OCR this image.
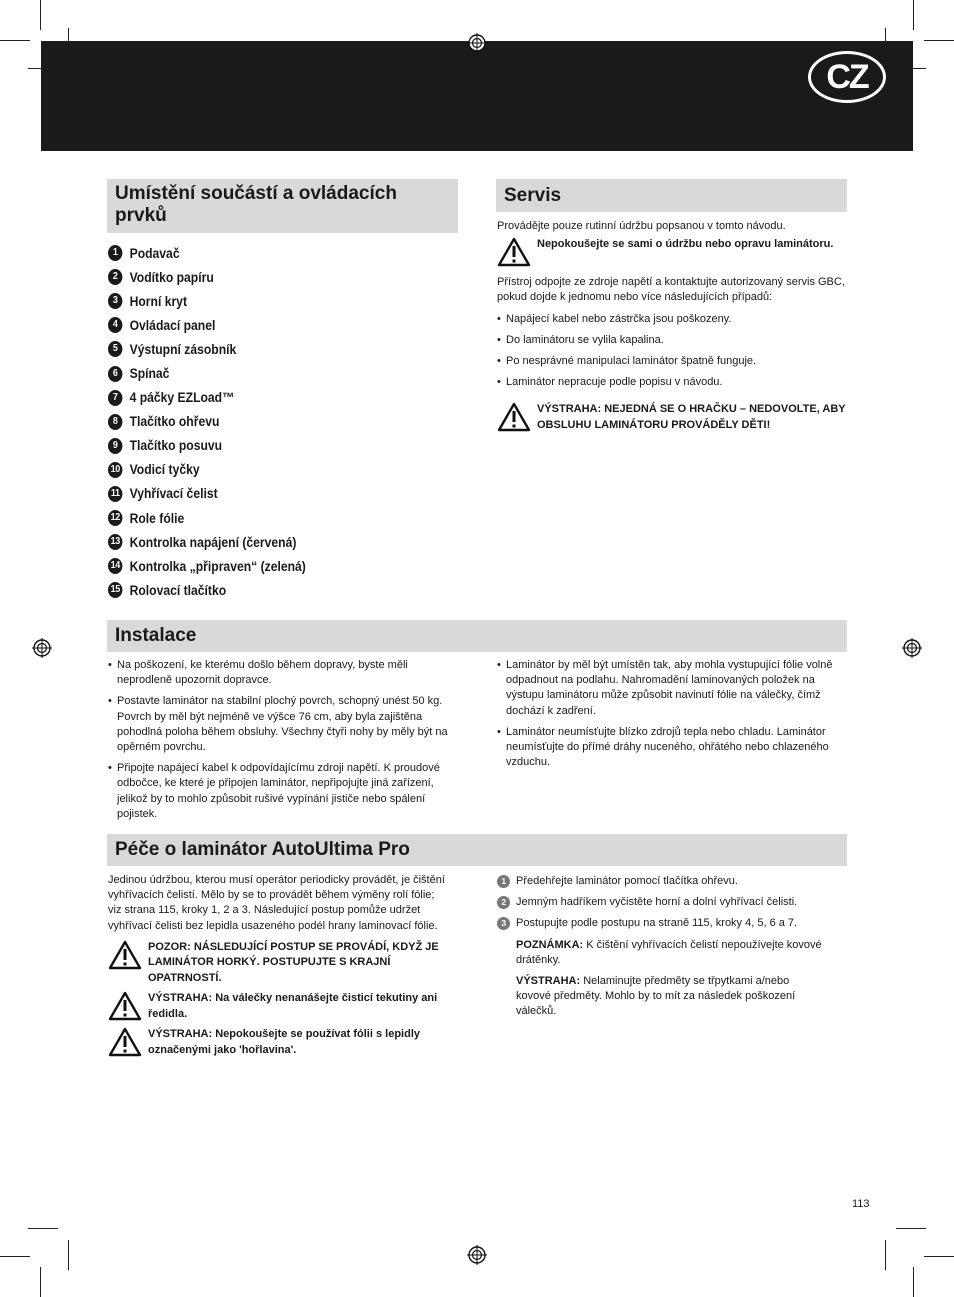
CZ
Umístění součástí a ovládacích prvků
1 Podavač
2 Vodítko papíru
3 Horní kryt
4 Ovládací panel
5 Výstupní zásobník
6 Spínač
7 4 páčky EZLoad™
8 Tlačítko ohřevu
9 Tlačítko posuvu
10 Vodicí tyčky
11 Vyhřívací čelist
12 Role fólie
13 Kontrolka napájení (červená)
14 Kontrolka „připraven“ (zelená)
15 Rolovací tlačítko
Servis

Provádějte pouze rutinní údržbu popsanou v tomto návodu.

Nepokoušejte se sami o údržbu nebo opravu laminátoru.

Přístroj odpojte ze zdroje napětí a kontaktujte autorizovaný servis GBC, pokud dojde k jednomu nebo více následujících případů:

• Napájecí kabel nebo zástrčka jsou poškozeny.
• Do laminátoru se vylila kapalina.
• Po nesprávné manipulaci laminátor špatně funguje.
• Laminátor nepracuje podle popisu v návodu.
VÝSTRAHA: NEJEDNÁ SE O HRAČKU – NEDOVOLTE, ABY OBSLUHU LAMINÁTORU PROVÁDĚLY DĚTI!
Instalace
• Na poškození, ke kterému došlo během dopravy, byste měli neprodleně upozornit dopravce.
• Postavte laminátor na stabilní plochý povrch, schopný unést 50 kg. Povrch by měl být nejméně ve výšce 76 cm, aby byla zajištěna pohodlná poloha během obsluhy. Všechny čtyři nohy by měly být na opěrném povrchu.
• Připojte napájecí kabel k odpovídajícímu zdroji napětí. K proudové odbočce, ke které je připojen laminátor, nepřipojujte jiná zařízení, jelikož by to mohlo způsobit rušivé vypínání jističe nebo spálení pojistek.
• Laminátor by měl být umístěn tak, aby mohla vystupující fólie volně odpadnout na podlahu. Nahromadění laminovaných položek na výstupu laminátoru může způsobit navinutí fólie na válečky, čímž dochází k zadření.
• Laminátor neumísťujte blízko zdrojů tepla nebo chladu. Laminátor neumísťujte do přímé dráhy nuceného, ohřátého nebo chlazeného vzduchu.
Péče o laminátor AutoUltima Pro

Jedinou údržbou, kterou musí operátor periodicky provádět, je čištění vyhřívacích čelistí. Mělo by se to provádět během výměny rolí fólie; viz strana 115, kroky 1, 2 a 3. Následující postup pomůže udržet vyhřívací čelisti bez lepidla usazeného podél hrany laminovací fólie.

POZOR: NÁSLEDUJÍCÍ POSTUP SE PROVÁDÍ, KDYŽ JE LAMINÁTOR HORKÝ. POSTUPUJTE S KRAJNÍ OPATRNOSTÍ.
VÝSTRAHA: Na válečky nenanášejte čisticí tekutiny ani ředidla.
VÝSTRAHA: Nepokoušejte se používat fólii s lepidly označenými jako 'hořlavina'.
1 Předehřejte laminátor pomocí tlačítka ohřevu.
2 Jemným hadříkem vyčistěte horní a dolní vyhřívací čelisti.
3 Postupujte podle postupu na straně 115, kroky 4, 5, 6 a 7.
POZNÁMKA: K čištění vyhřívacích čelistí nepoužívejte kovové drátěnky.
VÝSTRAHA: Nelaminujte předměty se třpytkami a/nebo kovové předměty. Mohlo by to mít za následek poškození válečků.
113
